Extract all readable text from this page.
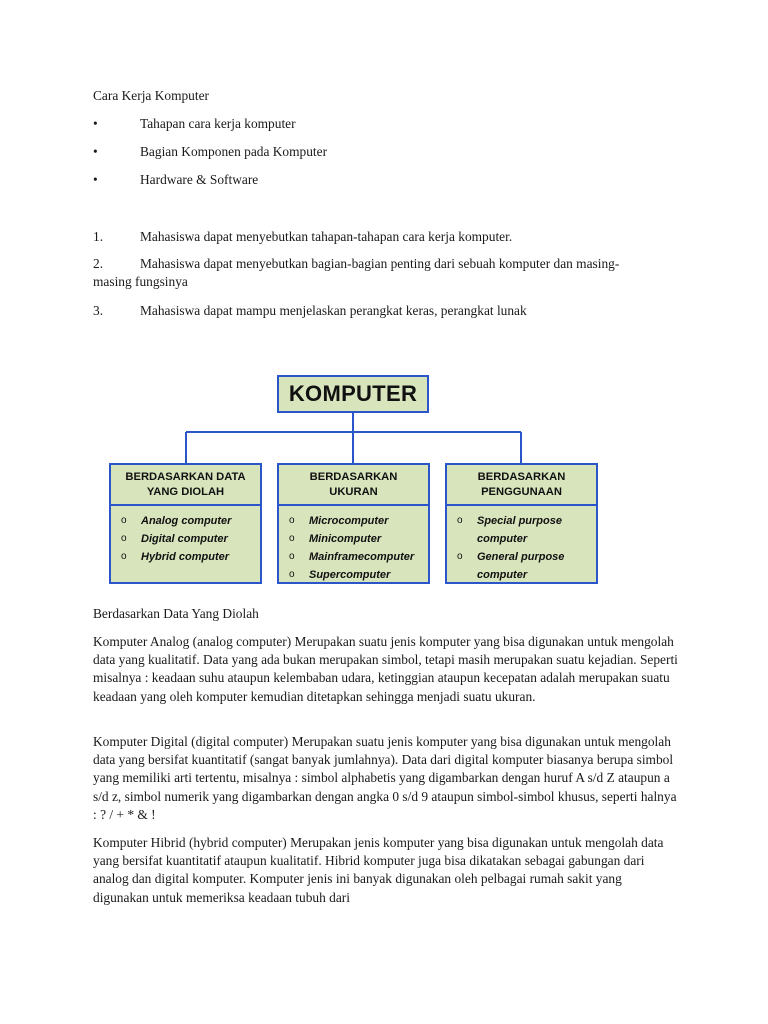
Cara Kerja Komputer
•	Tahapan cara kerja komputer
•	Bagian Komponen pada Komputer
•	Hardware & Software
1.	Mahasiswa dapat menyebutkan tahapan-tahapan cara kerja komputer.
2.	Mahasiswa dapat menyebutkan bagian-bagian penting dari sebuah komputer dan masing-masing fungsinya
3.	Mahasiswa dapat mampu menjelaskan perangkat keras, perangkat lunak
KOMPUTER
BERDASARKAN DATA YANG DIOLAH
o	Analog computer
o	Digital computer
o	Hybrid computer
BERDASARKAN UKURAN
o	Microcomputer
o	Minicomputer
o	Mainframecomputer
o	Supercomputer
BERDASARKAN PENGGUNAAN
o	Special purpose computer
o	General purpose computer
Berdasarkan Data Yang Diolah
Komputer Analog (analog computer) Merupakan suatu jenis komputer yang bisa digunakan untuk mengolah data yang kualitatif. Data yang ada bukan merupakan simbol, tetapi masih merupakan suatu kejadian. Seperti misalnya : keadaan suhu ataupun kelembaban udara, ketinggian ataupun kecepatan adalah merupakan suatu keadaan yang oleh komputer kemudian ditetapkan sehingga menjadi suatu ukuran.
Komputer Digital (digital computer) Merupakan suatu jenis komputer yang bisa digunakan untuk mengolah data yang bersifat kuantitatif (sangat banyak jumlahnya). Data dari digital komputer biasanya berupa simbol yang memiliki arti tertentu, misalnya : simbol alphabetis yang digambarkan dengan huruf A s/d Z ataupun a s/d z, simbol numerik yang digambarkan dengan angka 0 s/d 9 ataupun simbol-simbol khusus, seperti halnya : ? / + * & !
Komputer Hibrid (hybrid computer) Merupakan jenis komputer yang bisa digunakan untuk mengolah data yang bersifat kuantitatif ataupun kualitatif. Hibrid komputer juga bisa dikatakan sebagai gabungan dari analog dan digital komputer. Komputer jenis ini banyak digunakan oleh pelbagai rumah sakit yang digunakan untuk memeriksa keadaan tubuh dari
